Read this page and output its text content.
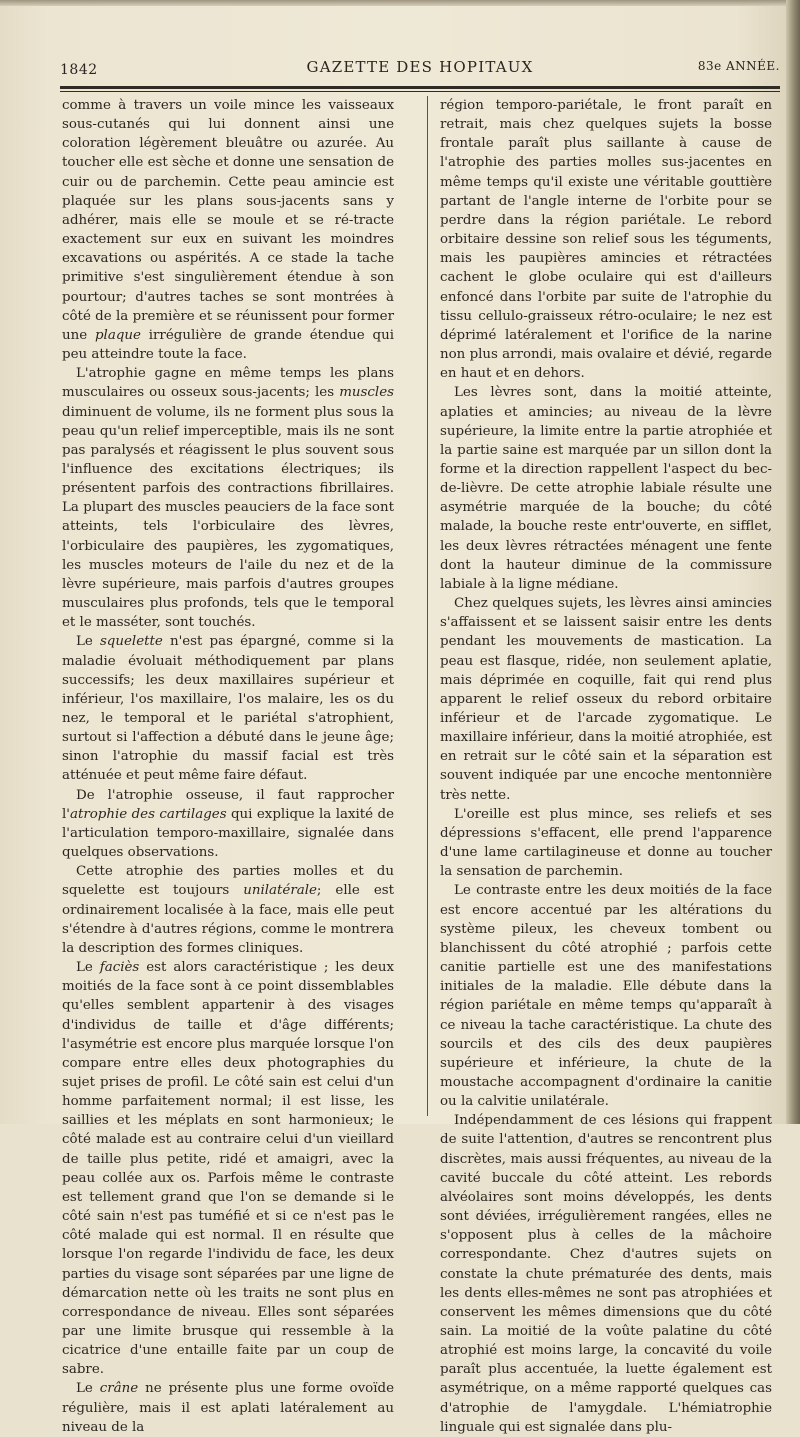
1842	GAZETTE DES HOPITAUX	83e ANNÉE.

comme à travers un voile mince les vaisseaux sous-cutanés qui lui donnent ainsi une coloration légèrement bleuâtre ou azurée. Au toucher elle est sèche et donne une sensation de cuir ou de parchemin. Cette peau amincie est plaquée sur les plans sous-jacents sans y adhérer, mais elle se moule et se ré-tracte exactement sur eux en suivant les moindres excavations ou aspérités. A ce stade la tache primitive s'est singulièrement étendue à son pourtour; d'autres taches se sont montrées à côté de la première et se réunissent pour former une plaque irrégulière de grande étendue qui peu atteindre toute la face.

L'atrophie gagne en même temps les plans musculaires ou osseux sous-jacents; les muscles diminuent de volume, ils ne forment plus sous la peau qu'un relief imperceptible, mais ils ne sont pas paralysés et réagissent le plus souvent sous l'influence des excitations électriques; ils présentent parfois des contractions fibrillaires. La plupart des muscles peauciers de la face sont atteints, tels l'orbiculaire des lèvres, l'orbiculaire des paupières, les zygomatiques, les muscles moteurs de l'aile du nez et de la lèvre supérieure, mais parfois d'autres groupes musculaires plus profonds, tels que le temporal et le masséter, sont touchés.

Le squelette n'est pas épargné, comme si la maladie évoluait méthodiquement par plans successifs; les deux maxillaires supérieur et inférieur, l'os maxillaire, l'os malaire, les os du nez, le temporal et le pariétal s'atrophient, surtout si l'affection a débuté dans le jeune âge; sinon l'atrophie du massif facial est très atténuée et peut même faire défaut.

De l'atrophie osseuse, il faut rapprocher l'atrophie des cartilages qui explique la laxité de l'articulation temporo-maxillaire, signalée dans quelques observations.

Cette atrophie des parties molles et du squelette est toujours unilatérale; elle est ordinairement localisée à la face, mais elle peut s'étendre à d'autres régions, comme le montrera la description des formes cliniques.

Le faciès est alors caractéristique ; les deux moitiés de la face sont à ce point dissemblables qu'elles semblent appartenir à des visages d'individus de taille et d'âge différents; l'asymétrie est encore plus marquée lorsque l'on compare entre elles deux photographies du sujet prises de profil. Le côté sain est celui d'un homme parfaitement normal; il est lisse, les saillies et les méplats en sont harmonieux; le côté malade est au contraire celui d'un vieillard de taille plus petite, ridé et amaigri, avec la peau collée aux os. Parfois même le contraste est tellement grand que l'on se demande si le côté sain n'est pas tuméfié et si ce n'est pas le côté malade qui est normal. Il en résulte que lorsque l'on regarde l'individu de face, les deux parties du visage sont séparées par une ligne de démarcation nette où les traits ne sont plus en correspondance de niveau. Elles sont séparées par une limite brusque qui ressemble à la cicatrice d'une entaille faite par un coup de sabre.

Le crâne ne présente plus une forme ovoïde régulière, mais il est aplati latéralement au niveau de la

région temporo-pariétale, le front paraît en retrait, mais chez quelques sujets la bosse frontale paraît plus saillante à cause de l'atrophie des parties molles sus-jacentes en même temps qu'il existe une véritable gouttière partant de l'angle interne de l'orbite pour se perdre dans la région pariétale. Le rebord orbitaire dessine son relief sous les téguments, mais les paupières amincies et rétractées cachent le globe oculaire qui est d'ailleurs enfoncé dans l'orbite par suite de l'atrophie du tissu cellulo-graisseux rétro-oculaire; le nez est déprimé latéralement et l'orifice de la narine non plus arrondi, mais ovalaire et dévié, regarde en haut et en dehors.

Les lèvres sont, dans la moitié atteinte, aplaties et amincies; au niveau de la lèvre supérieure, la limite entre la partie atrophiée et la partie saine est marquée par un sillon dont la forme et la direction rappellent l'aspect du bec-de-lièvre. De cette atrophie labiale résulte une asymétrie marquée de la bouche; du côté malade, la bouche reste entr'ouverte, en sifflet, les deux lèvres rétractées ménagent une fente dont la hauteur diminue de la commissure labiale à la ligne médiane.

Chez quelques sujets, les lèvres ainsi amincies s'affaissent et se laissent saisir entre les dents pendant les mouvements de mastication. La peau est flasque, ridée, non seulement aplatie, mais déprimée en coquille, fait qui rend plus apparent le relief osseux du rebord orbitaire inférieur et de l'arcade zygomatique. Le maxillaire inférieur, dans la moitié atrophiée, est en retrait sur le côté sain et la séparation est souvent indiquée par une encoche mentonnière très nette.

L'oreille est plus mince, ses reliefs et ses dépressions s'effacent, elle prend l'apparence d'une lame cartilagineuse et donne au toucher la sensation de parchemin.

Le contraste entre les deux moitiés de la face est encore accentué par les altérations du système pileux, les cheveux tombent ou blanchissent du côté atrophié ; parfois cette canitie partielle est une des manifestations initiales de la maladie. Elle débute dans la région pariétale en même temps qu'apparaît à ce niveau la tache caractéristique. La chute des sourcils et des cils des deux paupières supérieure et inférieure, la chute de la moustache accompagnent d'ordinaire la canitie ou la calvitie unilatérale.

Indépendamment de ces lésions qui frappent de suite l'attention, d'autres se rencontrent plus discrètes, mais aussi fréquentes, au niveau de la cavité buccale du côté atteint. Les rebords alvéolaires sont moins développés, les dents sont déviées, irrégulièrement rangées, elles ne s'opposent plus à celles de la mâchoire correspondante. Chez d'autres sujets on constate la chute prématurée des dents, mais les dents elles-mêmes ne sont pas atrophiées et conservent les mêmes dimensions que du côté sain. La moitié de la voûte palatine du côté atrophié est moins large, la concavité du voile paraît plus accentuée, la luette également est asymétrique, on a même rapporté quelques cas d'atrophie de l'amygdale. L'hémiatrophie linguale qui est signalée dans plu-
